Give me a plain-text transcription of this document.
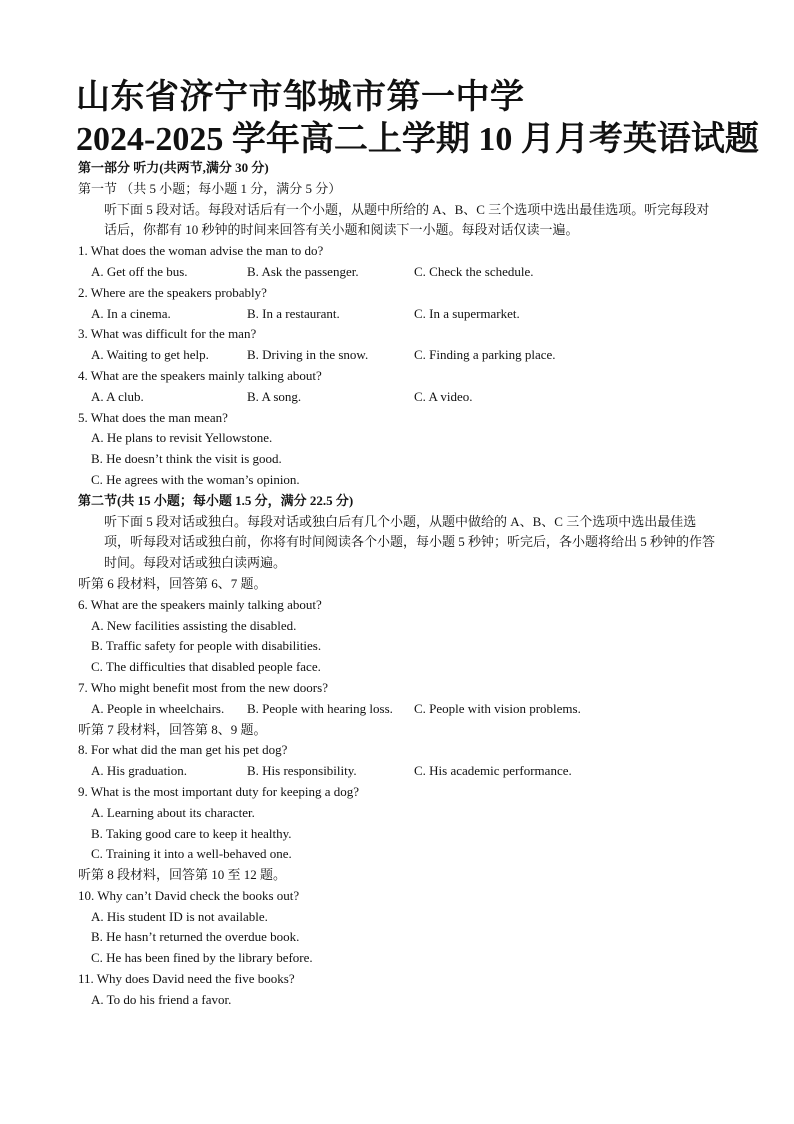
山东省济宁市邹城市第一中学
2024-2025 学年高二上学期 10 月月考英语试题
第一部分 听力(共两节,满分 30 分)
第一节 （共 5 小题；每小题 1 分，满分 5 分）
听下面 5 段对话。每段对话后有一个小题，从题中所给的 A、B、C 三个选项中选出最佳选项。听完每段对话后，你都有 10 秒钟的时间来回答有关小题和阅读下一小题。每段对话仅读一遍。
1. What does the woman advise the man to do?
A. Get off the bus.	B. Ask the passenger.	C. Check the schedule.
2. Where are the speakers probably?
A. In a cinema.	B. In a restaurant.	C. In a supermarket.
3. What was difficult for the man?
A. Waiting to get help.	B. Driving in the snow.	C. Finding a parking place.
4. What are the speakers mainly talking about?
A. A club.	B. A song.	C. A video.
5. What does the man mean?
A. He plans to revisit Yellowstone.
B. He doesn’t think the visit is good.
C. He agrees with the woman’s opinion.
第二节(共 15 小题；每小题 1.5 分，满分 22.5 分)
听下面 5 段对话或独白。每段对话或独白后有几个小题，从题中做给的 A、B、C 三个选项中选出最佳选项，听每段对话或独白前，你将有时间阅读各个小题，每小题 5 秒钟；听完后，各小题将给出 5 秒钟的作答时间。每段对话或独白读两遍。
听第 6 段材料，回答第 6、7 题。
6. What are the speakers mainly talking about?
A. New facilities assisting the disabled.
B. Traffic safety for people with disabilities.
C. The difficulties that disabled people face.
7. Who might benefit most from the new doors?
A. People in wheelchairs.	B. People with hearing loss.	C. People with vision problems.
听第 7 段材料，回答第 8、9 题。
8. For what did the man get his pet dog?
A. His graduation.	B. His responsibility.	C. His academic performance.
9. What is the most important duty for keeping a dog?
A. Learning about its character.
B. Taking good care to keep it healthy.
C. Training it into a well-behaved one.
听第 8 段材料，回答第 10 至 12 题。
10. Why can’t David check the books out?
A. His student ID is not available.
B. He hasn’t returned the overdue book.
C. He has been fined by the library before.
11. Why does David need the five books?
A. To do his friend a favor.
